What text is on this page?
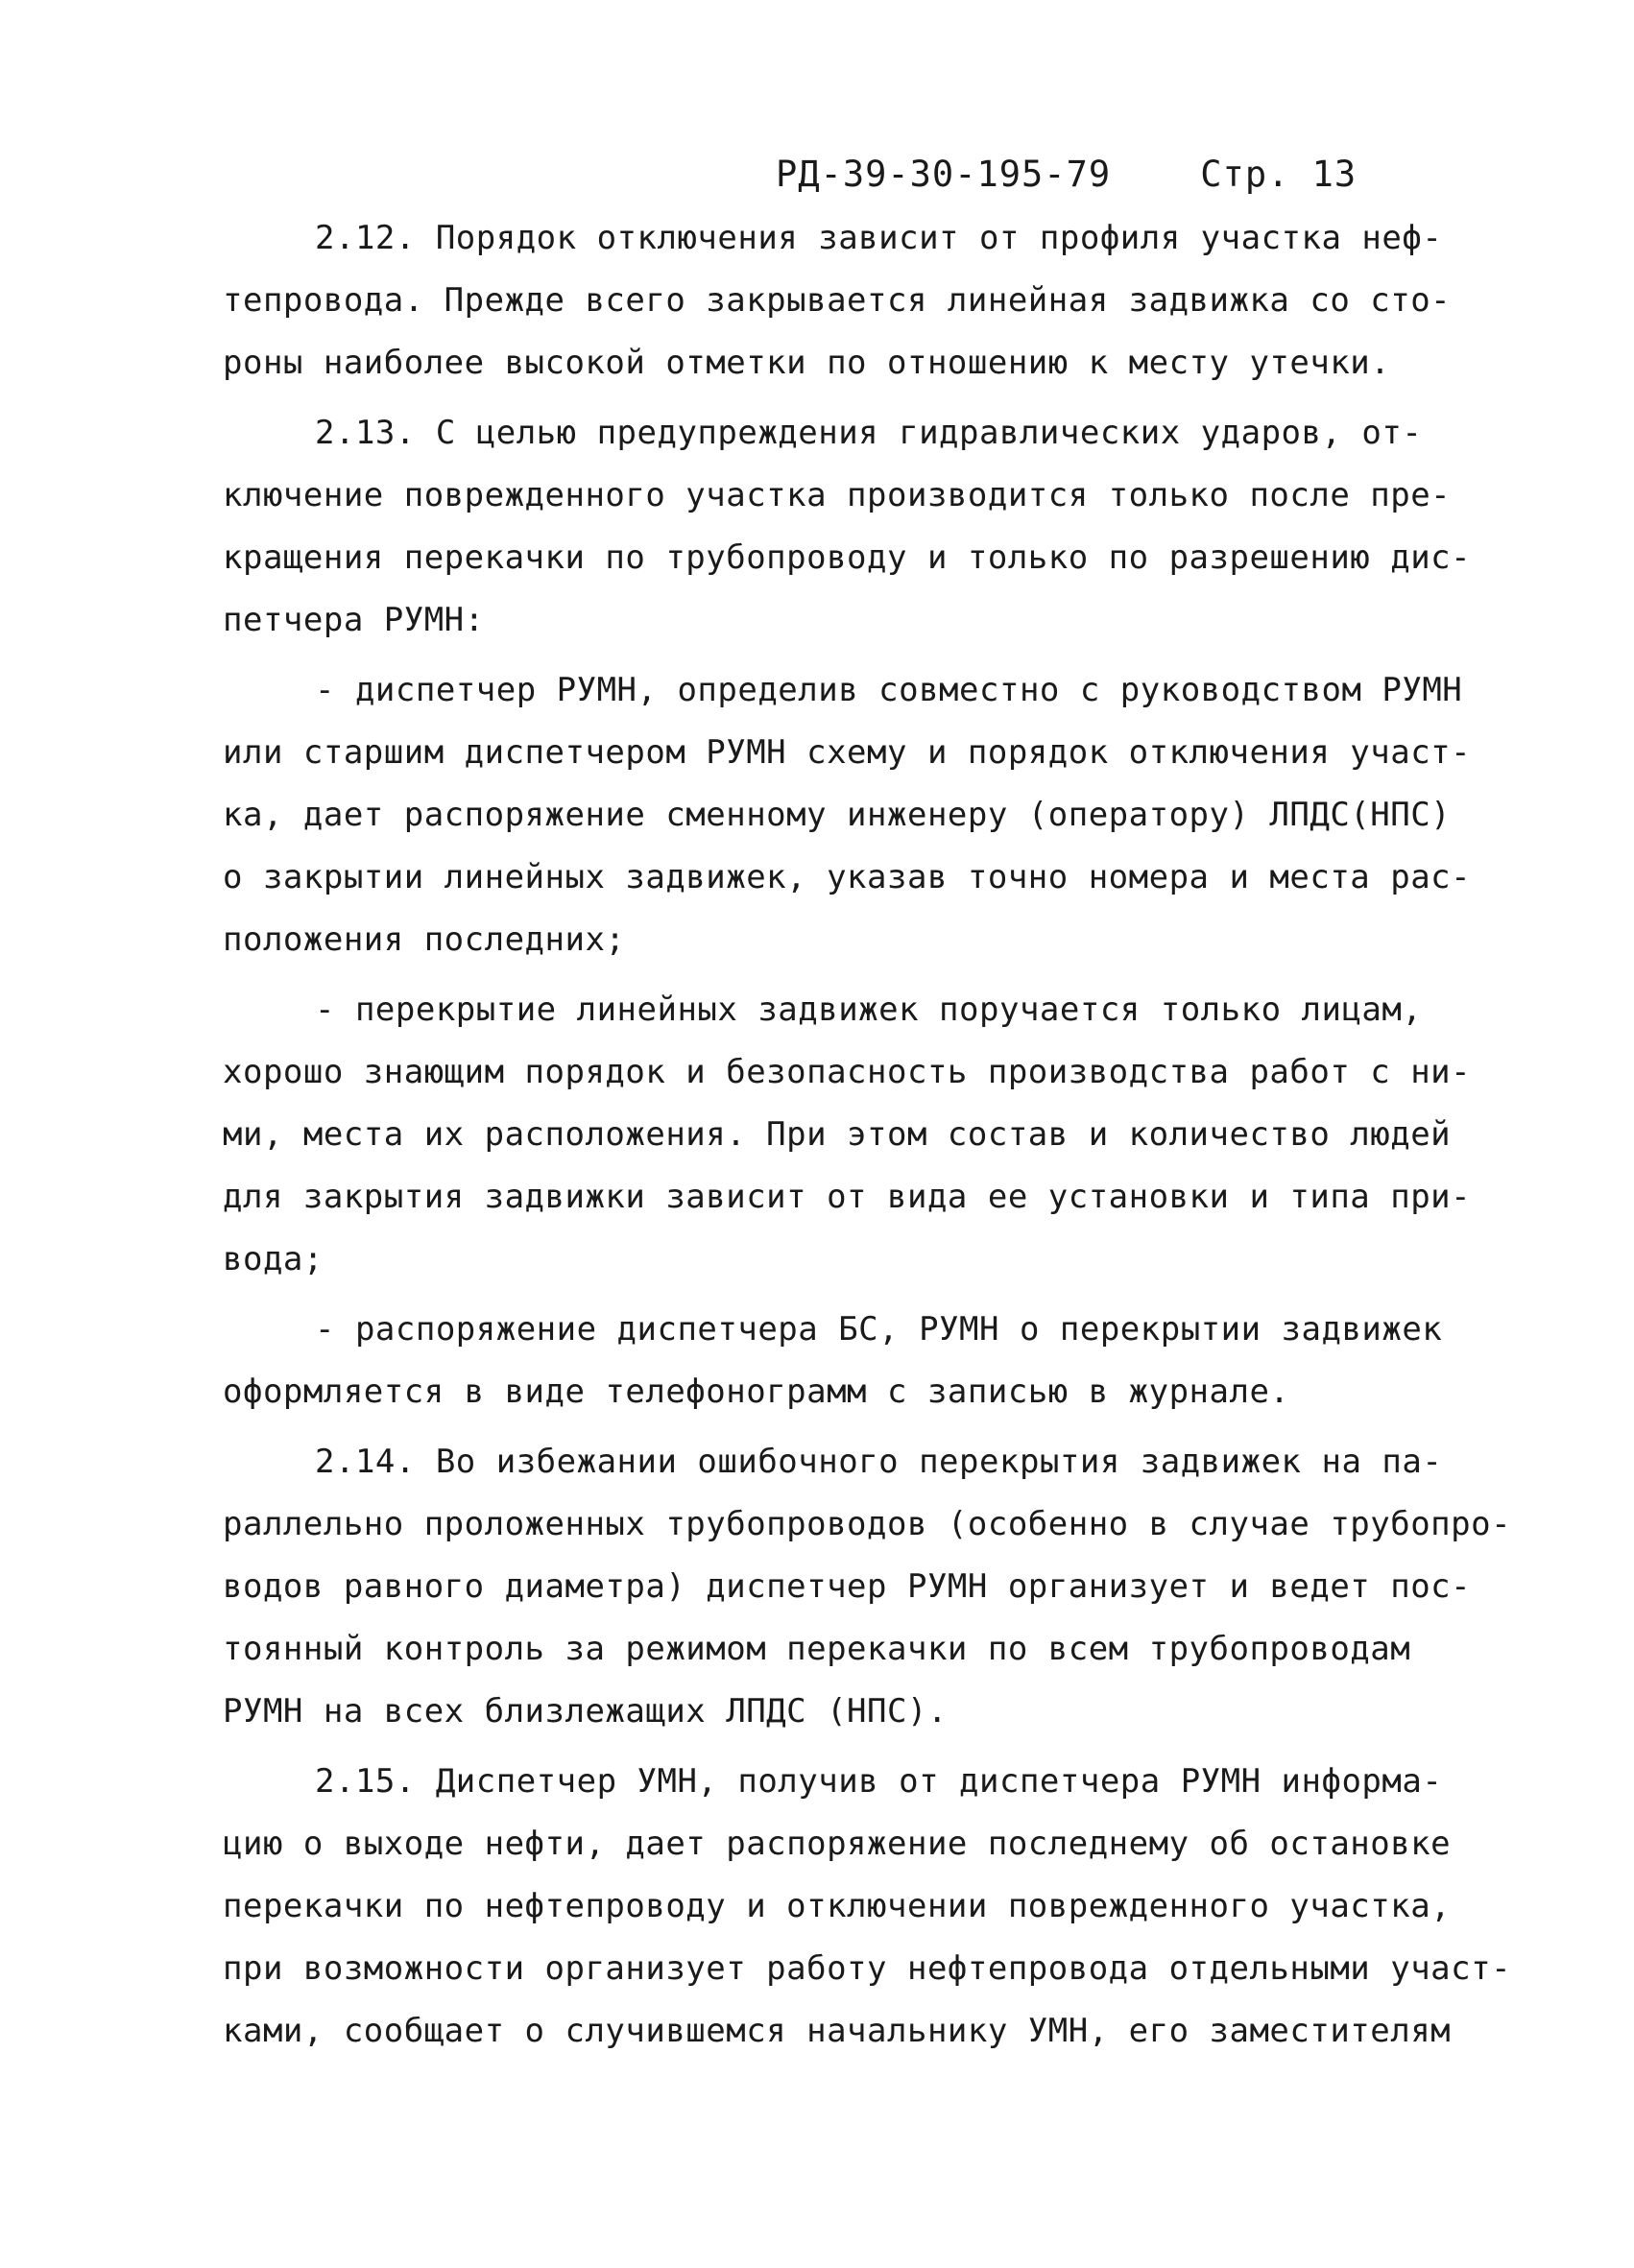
РД-39-30-195-79	Стр. 13
2.12. Порядок отключения зависит от профиля участка неф-
тепровода. Прежде всего закрывается линейная задвижка со сто-
роны наиболее высокой отметки по отношению к месту утечки.
2.13. С целью предупреждения гидравлических ударов, от-
ключение поврежденного участка производится только после пре-
кращения перекачки по трубопроводу и только по разрешению дис-
петчера РУМН:
- диспетчер РУМН, определив совместно с руководством РУМН
или старшим диспетчером РУМН схему и порядок отключения участ-
ка, дает распоряжение сменному инженеру (оператору) ЛПДС(НПС)
о закрытии линейных задвижек, указав точно номера и места рас-
положения последних;
- перекрытие линейных задвижек поручается только лицам,
хорошо знающим порядок и безопасность производства работ с ни-
ми, места их расположения. При этом состав и количество людей
для закрытия задвижки зависит от вида ее установки и типа при-
вода;
- распоряжение диспетчера БС, РУМН о перекрытии задвижек
оформляется в виде телефонограмм с записью в журнале.
2.14. Во избежании ошибочного перекрытия задвижек на па-
раллельно проложенных трубопроводов (особенно в случае трубопро-
водов равного диаметра) диспетчер РУМН организует и ведет пос-
тоянный контроль за режимом перекачки по всем трубопроводам
РУМН на всех близлежащих ЛПДС (НПС).
2.15. Диспетчер УМН, получив от диспетчера РУМН информа-
цию о выходе нефти, дает распоряжение последнему об остановке
перекачки по нефтепроводу и отключении поврежденного участка,
при возможности организует работу нефтепровода отдельными участ-
ками, сообщает о случившемся начальнику УМН, его заместителям
